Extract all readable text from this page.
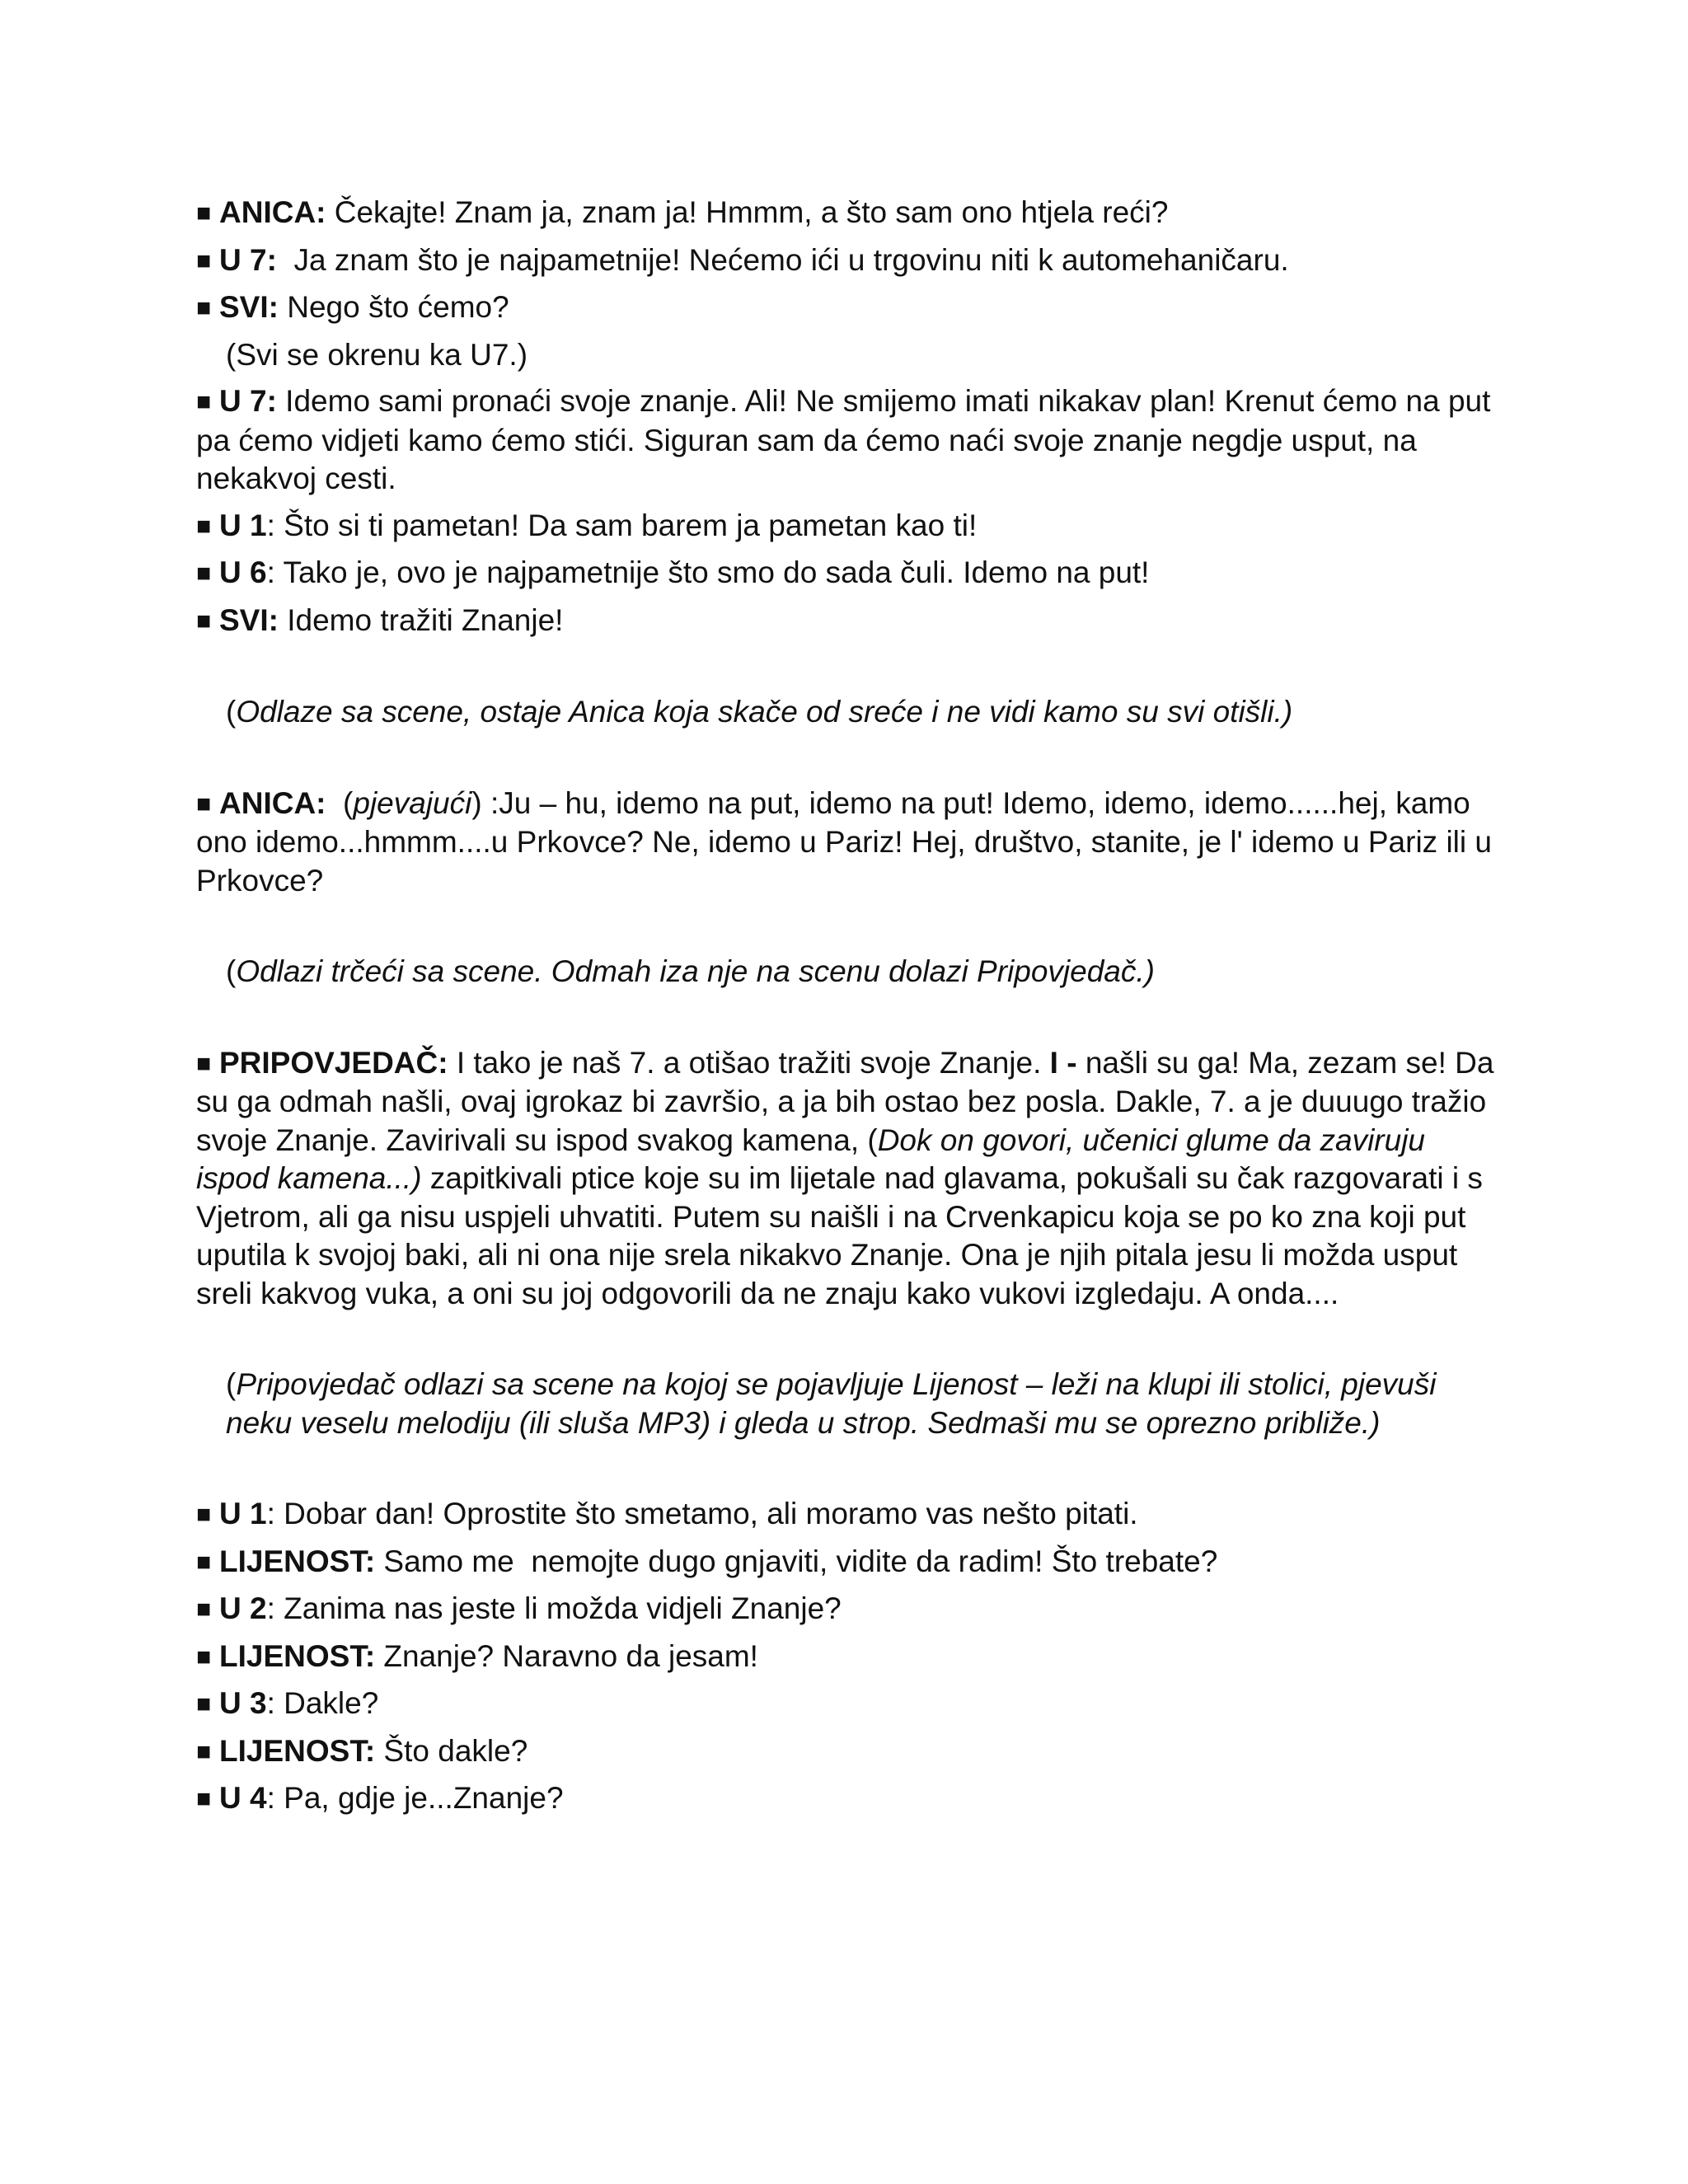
■ ANICA: Čekajte! Znam ja, znam ja! Hmmm, a što sam ono htjela reći?

■ U 7:  Ja znam što je najpametnije! Nećemo ići u trgovinu niti k automehaničaru.

■ SVI: Nego što ćemo?

(Svi se okrenu ka U7.)

■ U 7: Idemo sami pronaći svoje znanje. Ali! Ne smijemo imati nikakav plan! Krenut ćemo na put pa ćemo vidjeti kamo ćemo stići. Siguran sam da ćemo naći svoje znanje negdje usput, na nekakvoj cesti.

■ U 1: Što si ti pametan! Da sam barem ja pametan kao ti!

■ U 6: Tako je, ovo je najpametnije što smo do sada čuli. Idemo na put!

■ SVI: Idemo tražiti Znanje!

(Odlaze sa scene, ostaje Anica koja skače od sreće i ne vidi kamo su svi otišli.)

■ ANICA:  (pjevajući) :Ju – hu, idemo na put, idemo na put! Idemo, idemo, idemo......hej, kamo ono idemo...hmmm....u Prkovce? Ne, idemo u Pariz! Hej, društvo, stanite, je l' idemo u Pariz ili u Prkovce?

(Odlazi trčeći sa scene. Odmah iza nje na scenu dolazi Pripovjedač.)

■ PRIPOVJEDAČ: I tako je naš 7. a otišao tražiti svoje Znanje. I - našli su ga! Ma, zezam se! Da su ga odmah našli, ovaj igrokaz bi završio, a ja bih ostao bez posla. Dakle, 7. a je duuugo tražio svoje Znanje. Zavirivali su ispod svakog kamena, (Dok on govori, učenici glume da zaviruju ispod kamena...) zapitkivali ptice koje su im lijetale nad glavama, pokušali su čak razgovarati i s Vjetrom, ali ga nisu uspjeli uhvatiti. Putem su naišli i na Crvenkapicu koja se po ko zna koji put uputila k svojoj baki, ali ni ona nije srela nikakvo Znanje. Ona je njih pitala jesu li možda usput sreli kakvog vuka, a oni su joj odgovorili da ne znaju kako vukovi izgledaju. A onda....

(Pripovjedač odlazi sa scene na kojoj se pojavljuje Lijenost – leži na klupi ili stolici, pjevuši neku veselu melodiju (ili sluša MP3) i gleda u strop. Sedmaši mu se oprezno približe.)

■ U 1: Dobar dan! Oprostite što smetamo, ali moramo vas nešto pitati.

■ LIJENOST: Samo me  nemojte dugo gnjaviti, vidite da radim! Što trebate?

■ U 2: Zanima nas jeste li možda vidjeli Znanje?

■ LIJENOST: Znanje? Naravno da jesam!

■ U 3: Dakle?

■ LIJENOST: Što dakle?

■ U 4: Pa, gdje je...Znanje?
